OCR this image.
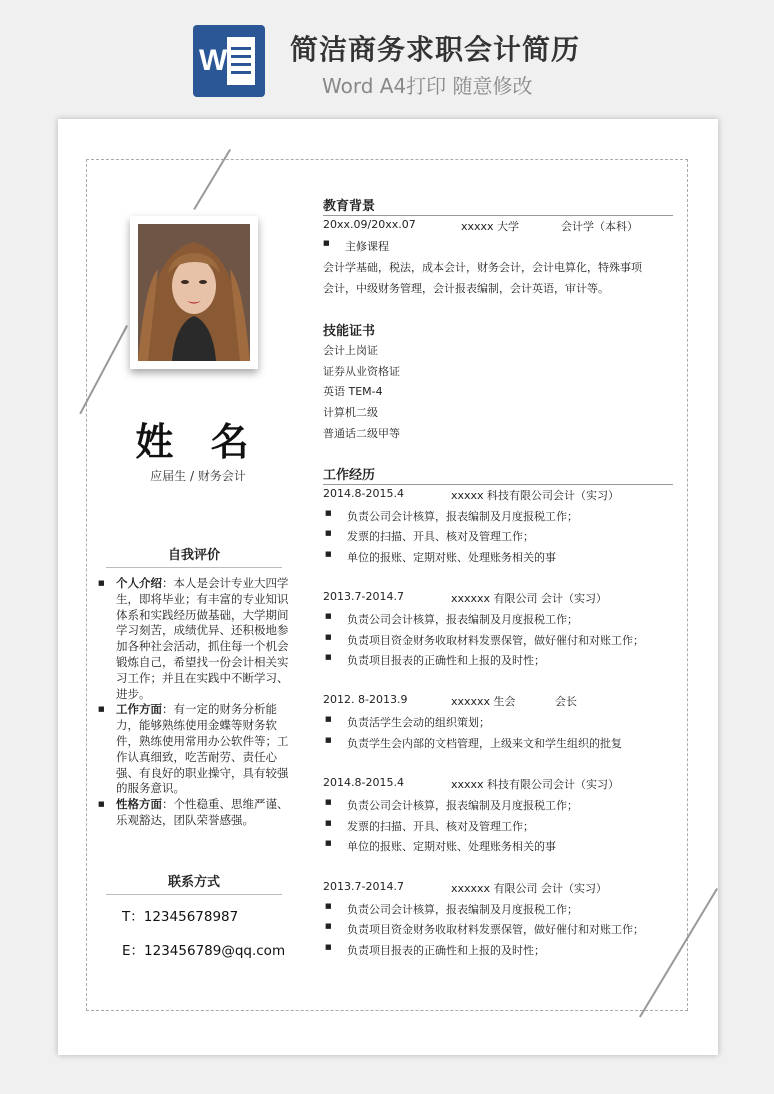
W 简洁商务求职会计简历
Word A4打印 随意修改
姓 名
应届生 / 财务会计
自我评价
■ 个人介绍：本人是会计专业大四学生，即将毕业；有丰富的专业知识体系和实践经历做基础，大学期间学习刻苦，成绩优异、还积极地参加各种社会活动，抓住每一个机会锻炼自己，希望找一份会计相关实习工作；并且在实践中不断学习、进步。
■ 工作方面：有一定的财务分析能力，能够熟练使用金蝶等财务软件，熟练使用常用办公软件等；工作认真细致，吃苦耐劳、责任心强、有良好的职业操守，具有较强的服务意识。
■ 性格方面：个性稳重、思维严谨、乐观豁达，团队荣誉感强。
联系方式
T：12345678987
E：123456789@qq.com
教育背景
20xx.09/20xx.07	xxxxx 大学	会计学（本科）
■ 主修课程
会计学基础，税法，成本会计，财务会计，会计电算化，特殊事项
会计，中级财务管理，会计报表编制，会计英语，审计等。
技能证书
会计上岗证
证券从业资格证
英语 TEM-4
计算机二级
普通话二级甲等
工作经历
2014.8-2015.4	xxxxx 科技有限公司会计（实习）
■ 负责公司会计核算，报表编制及月度报税工作；
■ 发票的扫描、开具、核对及管理工作；
■ 单位的报账、定期对账、处理账务相关的事
2013.7-2014.7	xxxxxx 有限公司 会计（实习）
■ 负责公司会计核算，报表编制及月度报税工作；
■ 负责项目资金财务收取材料发票保管，做好催付和对账工作；
■ 负责项目报表的正确性和上报的及时性；
2012. 8-2013.9	xxxxxx 生会	会长
■ 负责活学生会动的组织策划；
■ 负责学生会内部的文档管理，上级来文和学生组织的批复
2014.8-2015.4	xxxxx 科技有限公司会计（实习）
■ 负责公司会计核算，报表编制及月度报税工作；
■ 发票的扫描、开具、核对及管理工作；
■ 单位的报账、定期对账、处理账务相关的事
2013.7-2014.7	xxxxxx 有限公司 会计（实习）
■ 负责公司会计核算，报表编制及月度报税工作；
■ 负责项目资金财务收取材料发票保管，做好催付和对账工作；
■ 负责项目报表的正确性和上报的及时性；
